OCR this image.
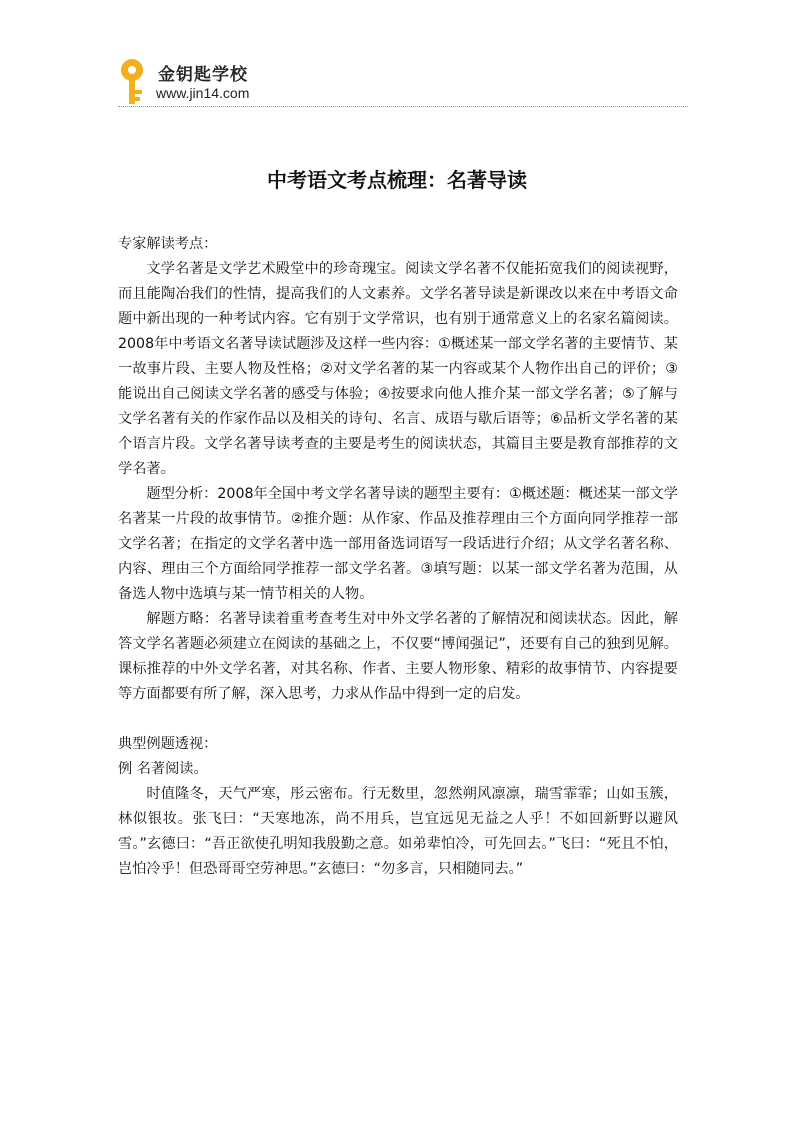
金钥匙学校
www.jin14.com
中考语文考点梳理：名著导读

专家解读考点：

文学名著是文学艺术殿堂中的珍奇瑰宝。阅读文学名著不仅能拓宽我们的阅读视野，而且能陶冶我们的性情，提高我们的人文素养。文学名著导读是新课改以来在中考语文命题中新出现的一种考试内容。它有别于文学常识，也有别于通常意义上的名家名篇阅读。2008年中考语文名著导读试题涉及这样一些内容：①概述某一部文学名著的主要情节、某一故事片段、主要人物及性格；②对文学名著的某一内容或某个人物作出自己的评价；③能说出自己阅读文学名著的感受与体验；④按要求向他人推介某一部文学名著；⑤了解与文学名著有关的作家作品以及相关的诗句、名言、成语与歇后语等；⑥品析文学名著的某个语言片段。文学名著导读考查的主要是考生的阅读状态，其篇目主要是教育部推荐的文学名著。

题型分析：2008年全国中考文学名著导读的题型主要有：①概述题：概述某一部文学名著某一片段的故事情节。②推介题：从作家、作品及推荐理由三个方面向同学推荐一部文学名著；在指定的文学名著中选一部用备选词语写一段话进行介绍；从文学名著名称、内容、理由三个方面给同学推荐一部文学名著。③填写题：以某一部文学名著为范围，从备选人物中选填与某一情节相关的人物。

解题方略：名著导读着重考查考生对中外文学名著的了解情况和阅读状态。因此，解答文学名著题必须建立在阅读的基础之上，不仅要“博闻强记”，还要有自己的独到见解。课标推荐的中外文学名著，对其名称、作者、主要人物形象、精彩的故事情节、内容提要等方面都要有所了解，深入思考，力求从作品中得到一定的启发。

典型例题透视：

例 名著阅读。

时值隆冬，天气严寒，彤云密布。行无数里，忽然朔风凛凛，瑞雪霏霏；山如玉簇，林似银妆。张飞曰：“天寒地冻，尚不用兵，岂宜远见无益之人乎！不如回新野以避风雪。”玄德曰：“吾正欲使孔明知我殷勤之意。如弟辈怕冷，可先回去。”飞曰：“死且不怕，岂怕冷乎！但恐哥哥空劳神思。”玄德曰：“勿多言，只相随同去。”
